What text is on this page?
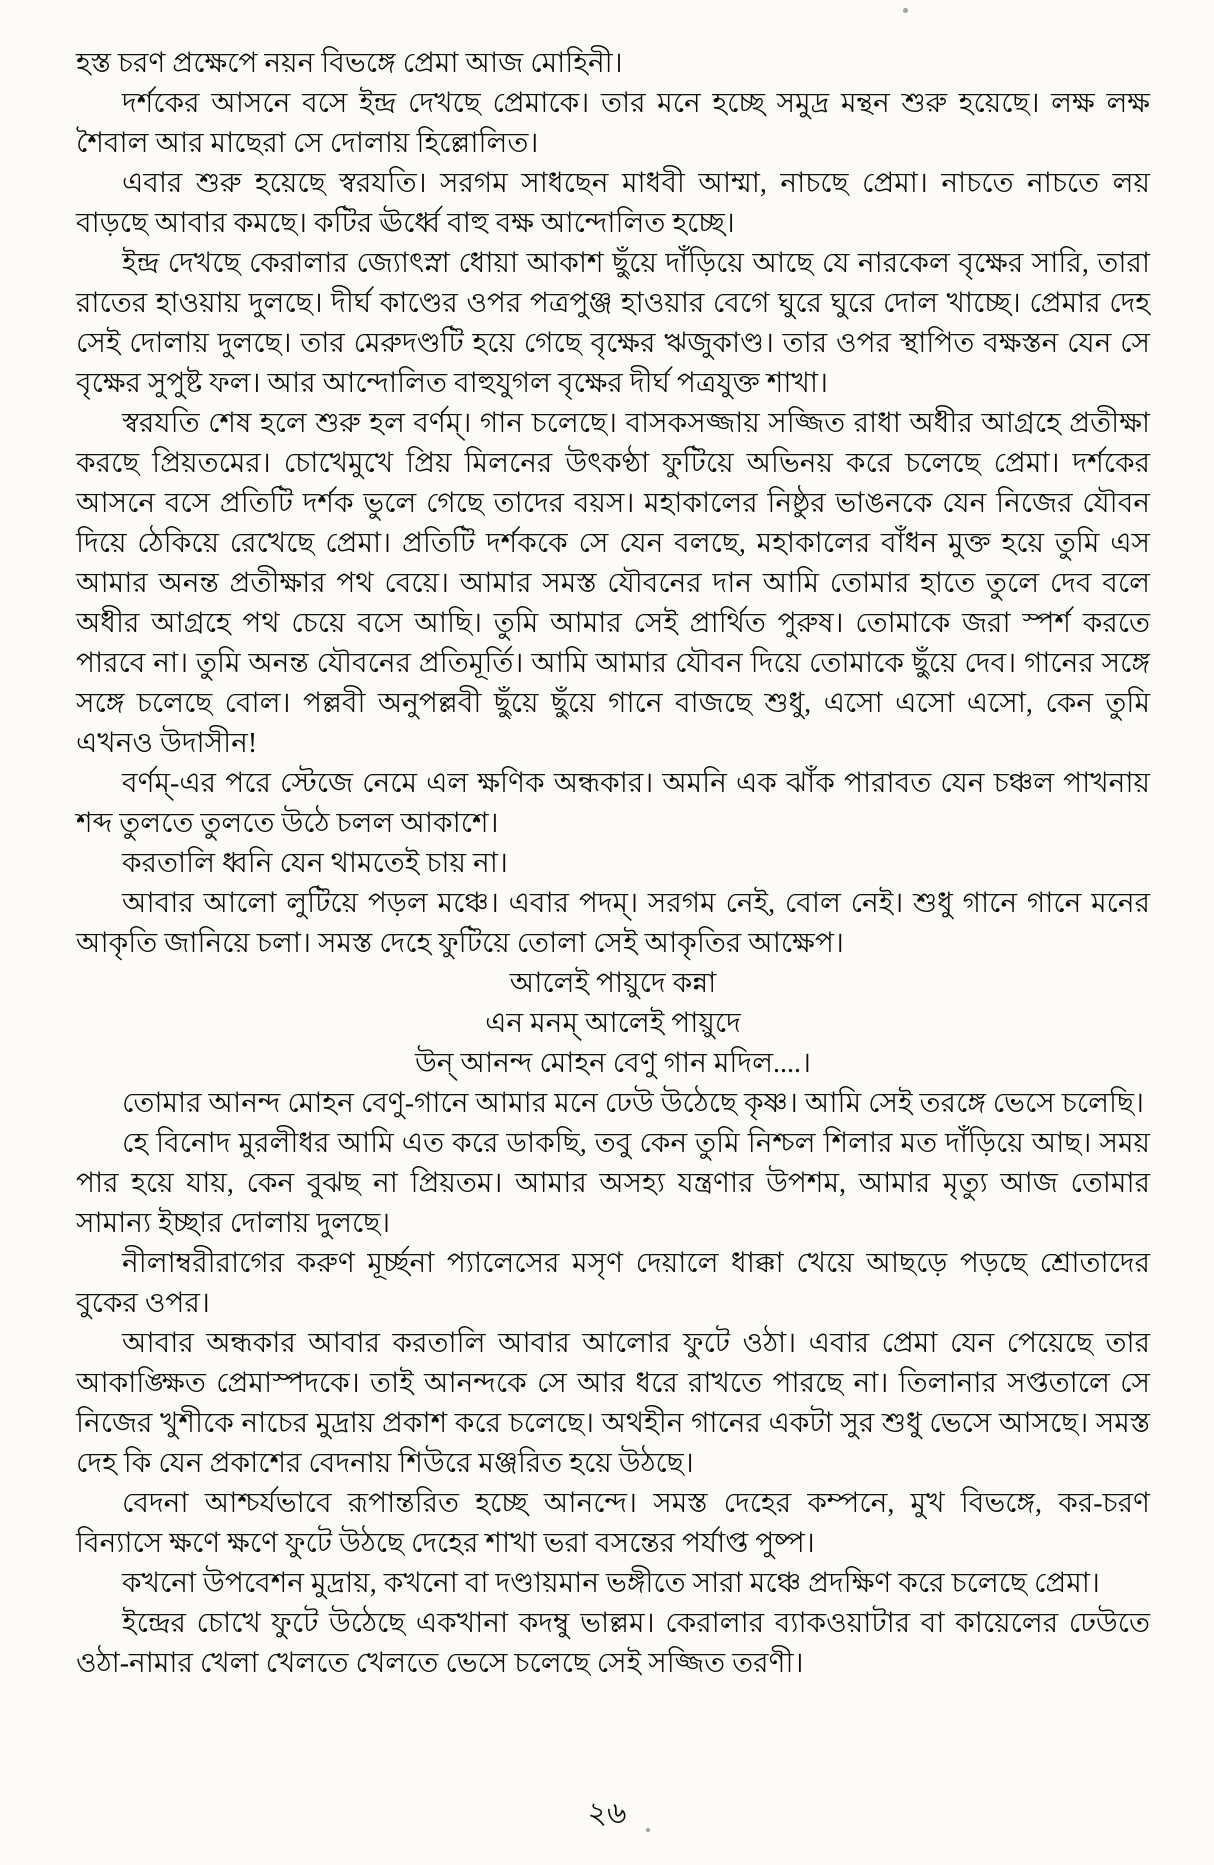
হস্ত চরণ প্রক্ষেপে নয়ন বিভঙ্গে প্রেমা আজ মোহিনী।

দর্শকের আসনে বসে ইন্দ্র দেখছে প্রেমাকে। তার মনে হচ্ছে সমুদ্র মন্থন শুরু হয়েছে। লক্ষ লক্ষ শৈবাল আর মাছেরা সে দোলায় হিল্লোলিত।

এবার শুরু হয়েছে স্বরযতি। সরগম সাধছেন মাধবী আম্মা, নাচছে প্রেমা। নাচতে নাচতে লয় বাড়ছে আবার কমছে। কটির ঊর্ধ্বে বাহু বক্ষ আন্দোলিত হচ্ছে।

ইন্দ্র দেখছে কেরালার জ্যোৎস্না ধোয়া আকাশ ছুঁয়ে দাঁড়িয়ে আছে যে নারকেল বৃক্ষের সারি, তারা রাতের হাওয়ায় দুলছে। দীর্ঘ কাণ্ডের ওপর পত্রপুঞ্জ হাওয়ার বেগে ঘুরে ঘুরে দোল খাচ্ছে। প্রেমার দেহ সেই দোলায় দুলছে। তার মেরুদণ্ডটি হয়ে গেছে বৃক্ষের ঋজুকাণ্ড। তার ওপর স্থাপিত বক্ষস্তন যেন সে বৃক্ষের সুপুষ্ট ফল। আর আন্দোলিত বাহুযুগল বৃক্ষের দীর্ঘ পত্রযুক্ত শাখা।

স্বরযতি শেষ হলে শুরু হল বর্ণম্‌। গান চলেছে। বাসকসজ্জায় সজ্জিত রাধা অধীর আগ্রহে প্রতীক্ষা করছে প্রিয়তমের। চোখেমুখে প্রিয় মিলনের উৎকণ্ঠা ফুটিয়ে অভিনয় করে চলেছে প্রেমা। দর্শকের আসনে বসে প্রতিটি দর্শক ভুলে গেছে তাদের বয়স। মহাকালের নিষ্ঠুর ভাঙনকে যেন নিজের যৌবন দিয়ে ঠেকিয়ে রেখেছে প্রেমা। প্রতিটি দর্শককে সে যেন বলছে, মহাকালের বাঁধন মুক্ত হয়ে তুমি এস আমার অনন্ত প্রতীক্ষার পথ বেয়ে। আমার সমস্ত যৌবনের দান আমি তোমার হাতে তুলে দেব বলে অধীর আগ্রহে পথ চেয়ে বসে আছি। তুমি আমার সেই প্রার্থিত পুরুষ। তোমাকে জরা স্পর্শ করতে পারবে না। তুমি অনন্ত যৌবনের প্রতিমূর্তি। আমি আমার যৌবন দিয়ে তোমাকে ছুঁয়ে দেব। গানের সঙ্গে সঙ্গে চলেছে বোল। পল্লবী অনুপল্লবী ছুঁয়ে ছুঁয়ে গানে বাজছে শুধু, এসো এসো এসো, কেন তুমি এখনও উদাসীন!

বর্ণম্‌-এর পরে স্টেজে নেমে এল ক্ষণিক অন্ধকার। অমনি এক ঝাঁক পারাবত যেন চঞ্চল পাখনায় শব্দ তুলতে তুলতে উঠে চলল আকাশে।

করতালি ধ্বনি যেন থামতেই চায় না।

আবার আলো লুটিয়ে পড়ল মঞ্চে। এবার পদম্‌। সরগম নেই, বোল নেই। শুধু গানে গানে মনের আকৃতি জানিয়ে চলা। সমস্ত দেহে ফুটিয়ে তোলা সেই আকৃতির আক্ষেপ।

আলেই পায়ুদে কন্না

এন মনম্‌ আলেই পায়ুদে

উন্‌ আনন্দ মোহন বেণু গান মদিল....।

তোমার আনন্দ মোহন বেণু-গানে আমার মনে ঢেউ উঠেছে কৃষ্ণ। আমি সেই তরঙ্গে ভেসে চলেছি।

হে বিনোদ মুরলীধর আমি এত করে ডাকছি, তবু কেন তুমি নিশ্চল শিলার মত দাঁড়িয়ে আছ। সময় পার হয়ে যায়, কেন বুঝছ না প্রিয়তম। আমার অসহ্য যন্ত্রণার উপশম, আমার মৃত্যু আজ তোমার সামান্য ইচ্ছার দোলায় দুলছে।

নীলাম্বরীরাগের করুণ মূর্চ্ছনা প্যালেসের মসৃণ দেয়ালে ধাক্কা খেয়ে আছড়ে পড়ছে শ্রোতাদের বুকের ওপর।

আবার অন্ধকার আবার করতালি আবার আলোর ফুটে ওঠা। এবার প্রেমা যেন পেয়েছে তার আকাঙ্ক্ষিত প্রেমাস্পদকে। তাই আনন্দকে সে আর ধরে রাখতে পারছে না। তিলানার সপ্ততালে সে নিজের খুশীকে নাচের মুদ্রায় প্রকাশ করে চলেছে। অথহীন গানের একটা সুর শুধু ভেসে আসছে। সমস্ত দেহ কি যেন প্রকাশের বেদনায় শিউরে মঞ্জরিত হয়ে উঠছে।

বেদনা আশ্চর্যভাবে রূপান্তরিত হচ্ছে আনন্দে। সমস্ত দেহের কম্পনে, মুখ বিভঙ্গে, কর-চরণ বিন্যাসে ক্ষণে ক্ষণে ফুটে উঠছে দেহের শাখা ভরা বসন্তের পর্যাপ্ত পুষ্প।

কখনো উপবেশন মুদ্রায়, কখনো বা দণ্ডায়মান ভঙ্গীতে সারা মঞ্চে প্রদক্ষিণ করে চলেছে প্রেমা।

ইন্দ্রের চোখে ফুটে উঠেছে একখানা কদম্বু ভাল্লম। কেরালার ব্যাকওয়াটার বা কায়েলের ঢেউতে ওঠা-নামার খেলা খেলতে খেলতে ভেসে চলেছে সেই সজ্জিত তরণী।

২৬
